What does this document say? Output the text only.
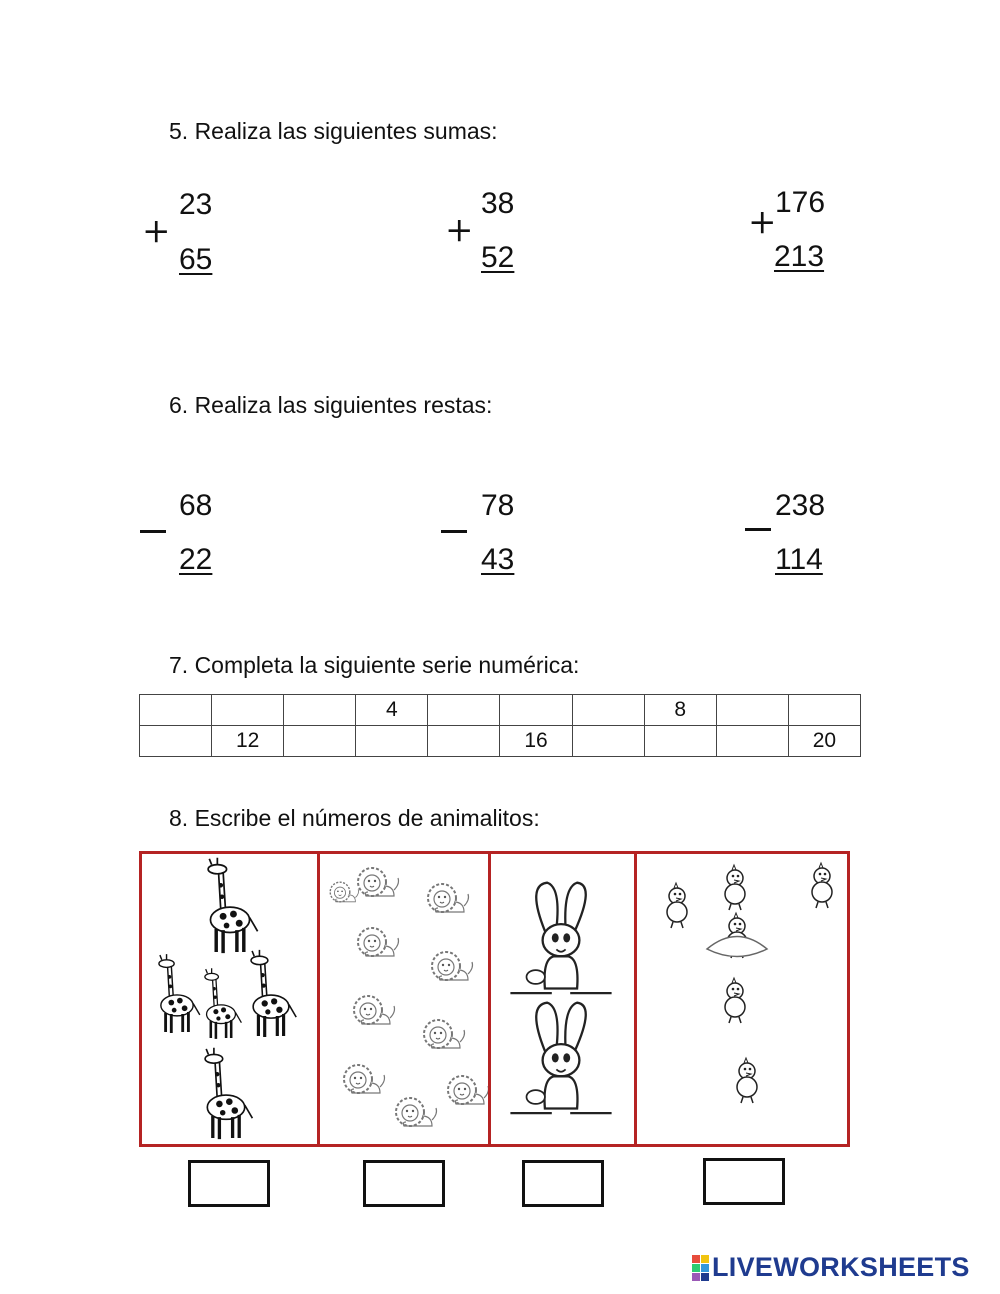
5. Realiza las siguientes sumas:
+
23
65
+
38
52
+
176
213
6. Realiza las siguientes restas:
68
22
78
43
238
114
7. Completa la siguiente serie numérica:
			4				8		
	12				16				20
8. Escribe el números de animalitos:
LIVEWORKSHEETS
